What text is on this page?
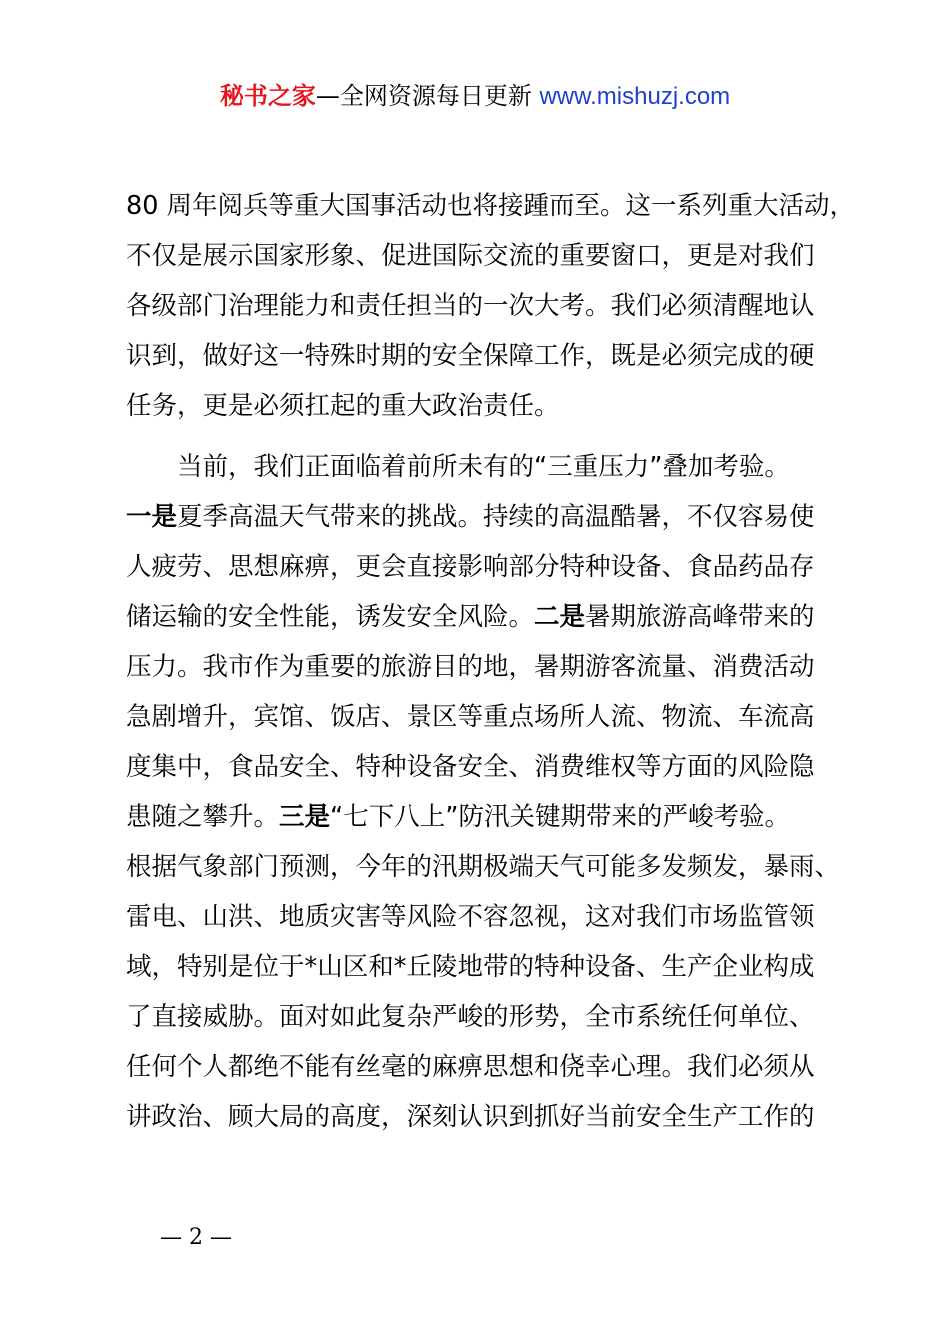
秘书之家—全网资源每日更新 www.mishuzj.com
80 周年阅兵等重大国事活动也将接踵而至。这一系列重大活动，
不仅是展示国家形象、促进国际交流的重要窗口，更是对我们
各级部门治理能力和责任担当的一次大考。我们必须清醒地认
识到，做好这一特殊时期的安全保障工作，既是必须完成的硬
任务，更是必须扛起的重大政治责任。
　　当前，我们正面临着前所未有的“三重压力”叠加考验。
一是夏季高温天气带来的挑战。持续的高温酷暑，不仅容易使
人疲劳、思想麻痹，更会直接影响部分特种设备、食品药品存
储运输的安全性能，诱发安全风险。二是暑期旅游高峰带来的
压力。我市作为重要的旅游目的地，暑期游客流量、消费活动
急剧增升，宾馆、饭店、景区等重点场所人流、物流、车流高
度集中，食品安全、特种设备安全、消费维权等方面的风险隐
患随之攀升。三是“七下八上”防汛关键期带来的严峻考验。
根据气象部门预测，今年的汛期极端天气可能多发频发，暴雨、
雷电、山洪、地质灾害等风险不容忽视，这对我们市场监管领
域，特别是位于*山区和*丘陵地带的特种设备、生产企业构成
了直接威胁。面对如此复杂严峻的形势，全市系统任何单位、
任何个人都绝不能有丝毫的麻痹思想和侥幸心理。我们必须从
讲政治、顾大局的高度，深刻认识到抓好当前安全生产工作的
— 2 —
